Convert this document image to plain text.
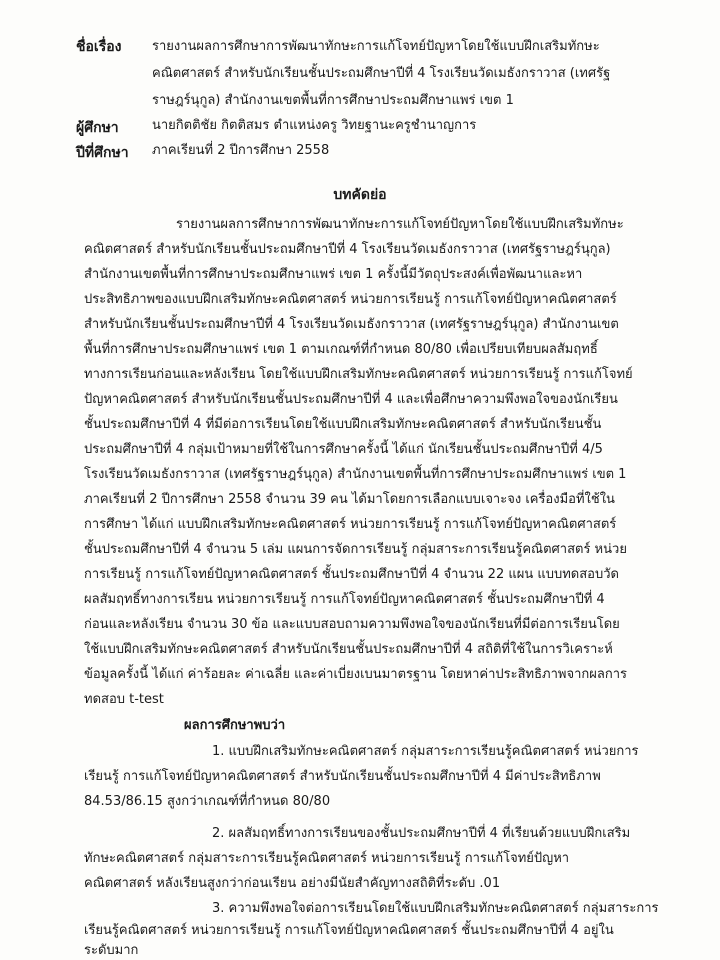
ชื่อเรื่อง รายงานผลการศึกษาการพัฒนาทักษะการแก้โจทย์ปัญหาโดยใช้แบบฝึกเสริมทักษะ
คณิตศาสตร์ สำหรับนักเรียนชั้นประถมศึกษาปีที่ 4 โรงเรียนวัดเมธังกราวาส (เทศรัฐ
ราษฎร์นุกูล) สำนักงานเขตพื้นที่การศึกษาประถมศึกษาแพร่ เขต 1
ผู้ศึกษา	นายกิตติชัย กิตติสมร ตำแหน่งครู วิทยฐานะครูชำนาญการ
ปีที่ศึกษา ภาคเรียนที่ 2 ปีการศึกษา 2558
บทคัดย่อ
รายงานผลการศึกษาการพัฒนาทักษะการแก้โจทย์ปัญหาโดยใช้แบบฝึกเสริมทักษะ
คณิตศาสตร์ สำหรับนักเรียนชั้นประถมศึกษาปีที่ 4 โรงเรียนวัดเมธังกราวาส (เทศรัฐราษฎร์นุกูล)
สำนักงานเขตพื้นที่การศึกษาประถมศึกษาแพร่ เขต 1 ครั้งนี้มีวัตถุประสงค์เพื่อพัฒนาและหา
ประสิทธิภาพของแบบฝึกเสริมทักษะคณิตศาสตร์ หน่วยการเรียนรู้ การแก้โจทย์ปัญหาคณิตศาสตร์
สำหรับนักเรียนชั้นประถมศึกษาปีที่ 4 โรงเรียนวัดเมธังกราวาส (เทศรัฐราษฎร์นุกูล) สำนักงานเขต
พื้นที่การศึกษาประถมศึกษาแพร่ เขต 1 ตามเกณฑ์ที่กำหนด 80/80 เพื่อเปรียบเทียบผลสัมฤทธิ์
ทางการเรียนก่อนและหลังเรียน โดยใช้แบบฝึกเสริมทักษะคณิตศาสตร์ หน่วยการเรียนรู้ การแก้โจทย์
ปัญหาคณิตศาสตร์ สำหรับนักเรียนชั้นประถมศึกษาปีที่ 4 และเพื่อศึกษาความพึงพอใจของนักเรียน
ชั้นประถมศึกษาปีที่ 4 ที่มีต่อการเรียนโดยใช้แบบฝึกเสริมทักษะคณิตศาสตร์ สำหรับนักเรียนชั้น
ประถมศึกษาปีที่ 4 กลุ่มเป้าหมายที่ใช้ในการศึกษาครั้งนี้ ได้แก่ นักเรียนชั้นประถมศึกษาปีที่ 4/5
โรงเรียนวัดเมธังกราวาส (เทศรัฐราษฎร์นุกูล) สำนักงานเขตพื้นที่การศึกษาประถมศึกษาแพร่ เขต 1
ภาคเรียนที่ 2 ปีการศึกษา 2558 จำนวน 39 คน ได้มาโดยการเลือกแบบเจาะจง เครื่องมือที่ใช้ใน
การศึกษา ได้แก่ แบบฝึกเสริมทักษะคณิตศาสตร์ หน่วยการเรียนรู้ การแก้โจทย์ปัญหาคณิตศาสตร์
ชั้นประถมศึกษาปีที่ 4 จำนวน 5 เล่ม แผนการจัดการเรียนรู้ กลุ่มสาระการเรียนรู้คณิตศาสตร์ หน่วย
การเรียนรู้ การแก้โจทย์ปัญหาคณิตศาสตร์ ชั้นประถมศึกษาปีที่ 4 จำนวน 22 แผน แบบทดสอบวัด
ผลสัมฤทธิ์ทางการเรียน หน่วยการเรียนรู้ การแก้โจทย์ปัญหาคณิตศาสตร์ ชั้นประถมศึกษาปีที่ 4
ก่อนและหลังเรียน จำนวน 30 ข้อ และแบบสอบถามความพึงพอใจของนักเรียนที่มีต่อการเรียนโดย
ใช้แบบฝึกเสริมทักษะคณิตศาสตร์ สำหรับนักเรียนชั้นประถมศึกษาปีที่ 4 สถิติที่ใช้ในการวิเคราะห์
ข้อมูลครั้งนี้ ได้แก่ ค่าร้อยละ ค่าเฉลี่ย และค่าเบี่ยงเบนมาตรฐาน โดยหาค่าประสิทธิภาพจากผลการ
ทดสอบ t-test
ผลการศึกษาพบว่า
1. แบบฝึกเสริมทักษะคณิตศาสตร์ กลุ่มสาระการเรียนรู้คณิตศาสตร์ หน่วยการ
เรียนรู้ การแก้โจทย์ปัญหาคณิตศาสตร์ สำหรับนักเรียนชั้นประถมศึกษาปีที่ 4 มีค่าประสิทธิภาพ
84.53/86.15 สูงกว่าเกณฑ์ที่กำหนด 80/80
2. ผลสัมฤทธิ์ทางการเรียนของชั้นประถมศึกษาปีที่ 4 ที่เรียนด้วยแบบฝึกเสริม
ทักษะคณิตศาสตร์ กลุ่มสาระการเรียนรู้คณิตศาสตร์ หน่วยการเรียนรู้ การแก้โจทย์ปัญหา
คณิตศาสตร์ หลังเรียนสูงกว่าก่อนเรียน อย่างมีนัยสำคัญทางสถิติที่ระดับ .01
3. ความพึงพอใจต่อการเรียนโดยใช้แบบฝึกเสริมทักษะคณิตศาสตร์ กลุ่มสาระการ
เรียนรู้คณิตศาสตร์ หน่วยการเรียนรู้ การแก้โจทย์ปัญหาคณิตศาสตร์ ชั้นประถมศึกษาปีที่ 4 อยู่ใน
ระดับมาก
